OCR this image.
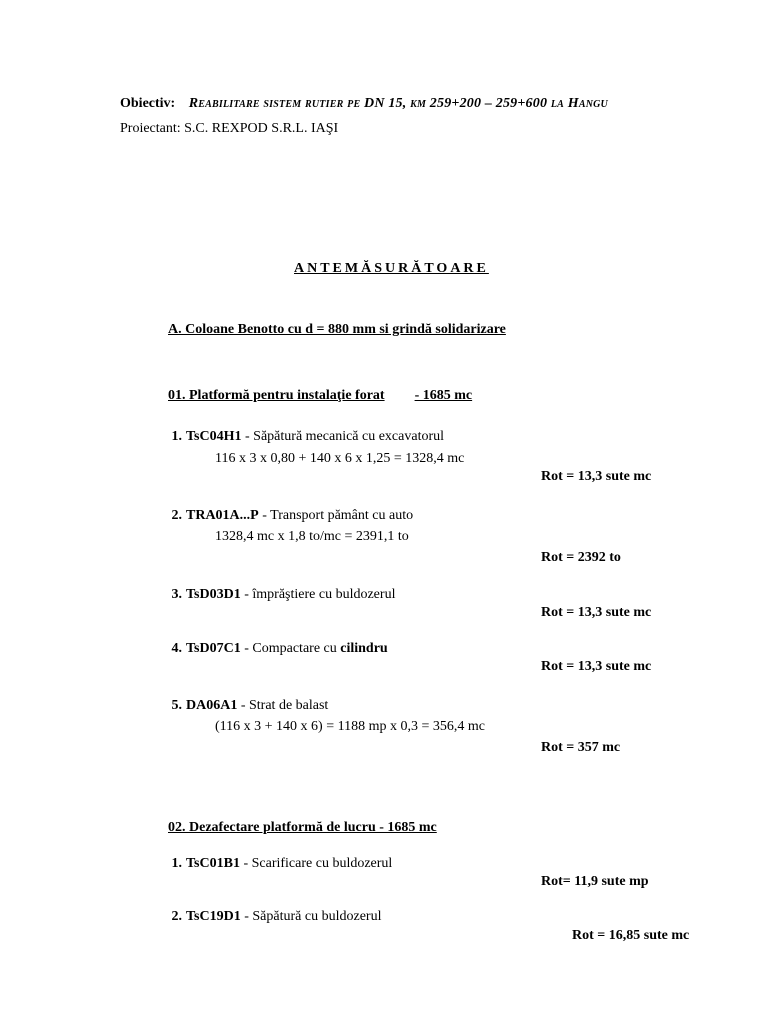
Obiectiv: Reabilitare sistem rutier pe DN 15, km 259+200 – 259+600 la Hangu
Proiectant: S.C. REXPOD S.R.L. IAŞI
ANTEMĂSURĂTOARE
A. Coloane Benotto cu d = 880 mm si grindă solidarizare
01. Platformă pentru instalaţie forat - 1685 mc
1. TsC04H1 - Săpătură mecanică cu excavatorul
116 x 3 x 0,80 + 140 x 6 x 1,25 = 1328,4 mc
Rot = 13,3 sute mc
2. TRA01A...P - Transport pământ cu auto
1328,4 mc x 1,8 to/mc = 2391,1 to
Rot = 2392 to
3. TsD03D1 - împrăştiere cu buldozerul
Rot = 13,3 sute mc
4. TsD07C1 - Compactare cu cilindru
Rot = 13,3 sute mc
5. DA06A1 - Strat de balast
(116 x 3 + 140 x 6) = 1188 mp x 0,3 = 356,4 mc
Rot = 357 mc
02. Dezafectare platformă de lucru - 1685 mc
1. TsC01B1 - Scarificare cu buldozerul
Rot= 11,9 sute mp
2. TsC19D1 - Săpătură cu buldozerul
Rot = 16,85 sute mc
